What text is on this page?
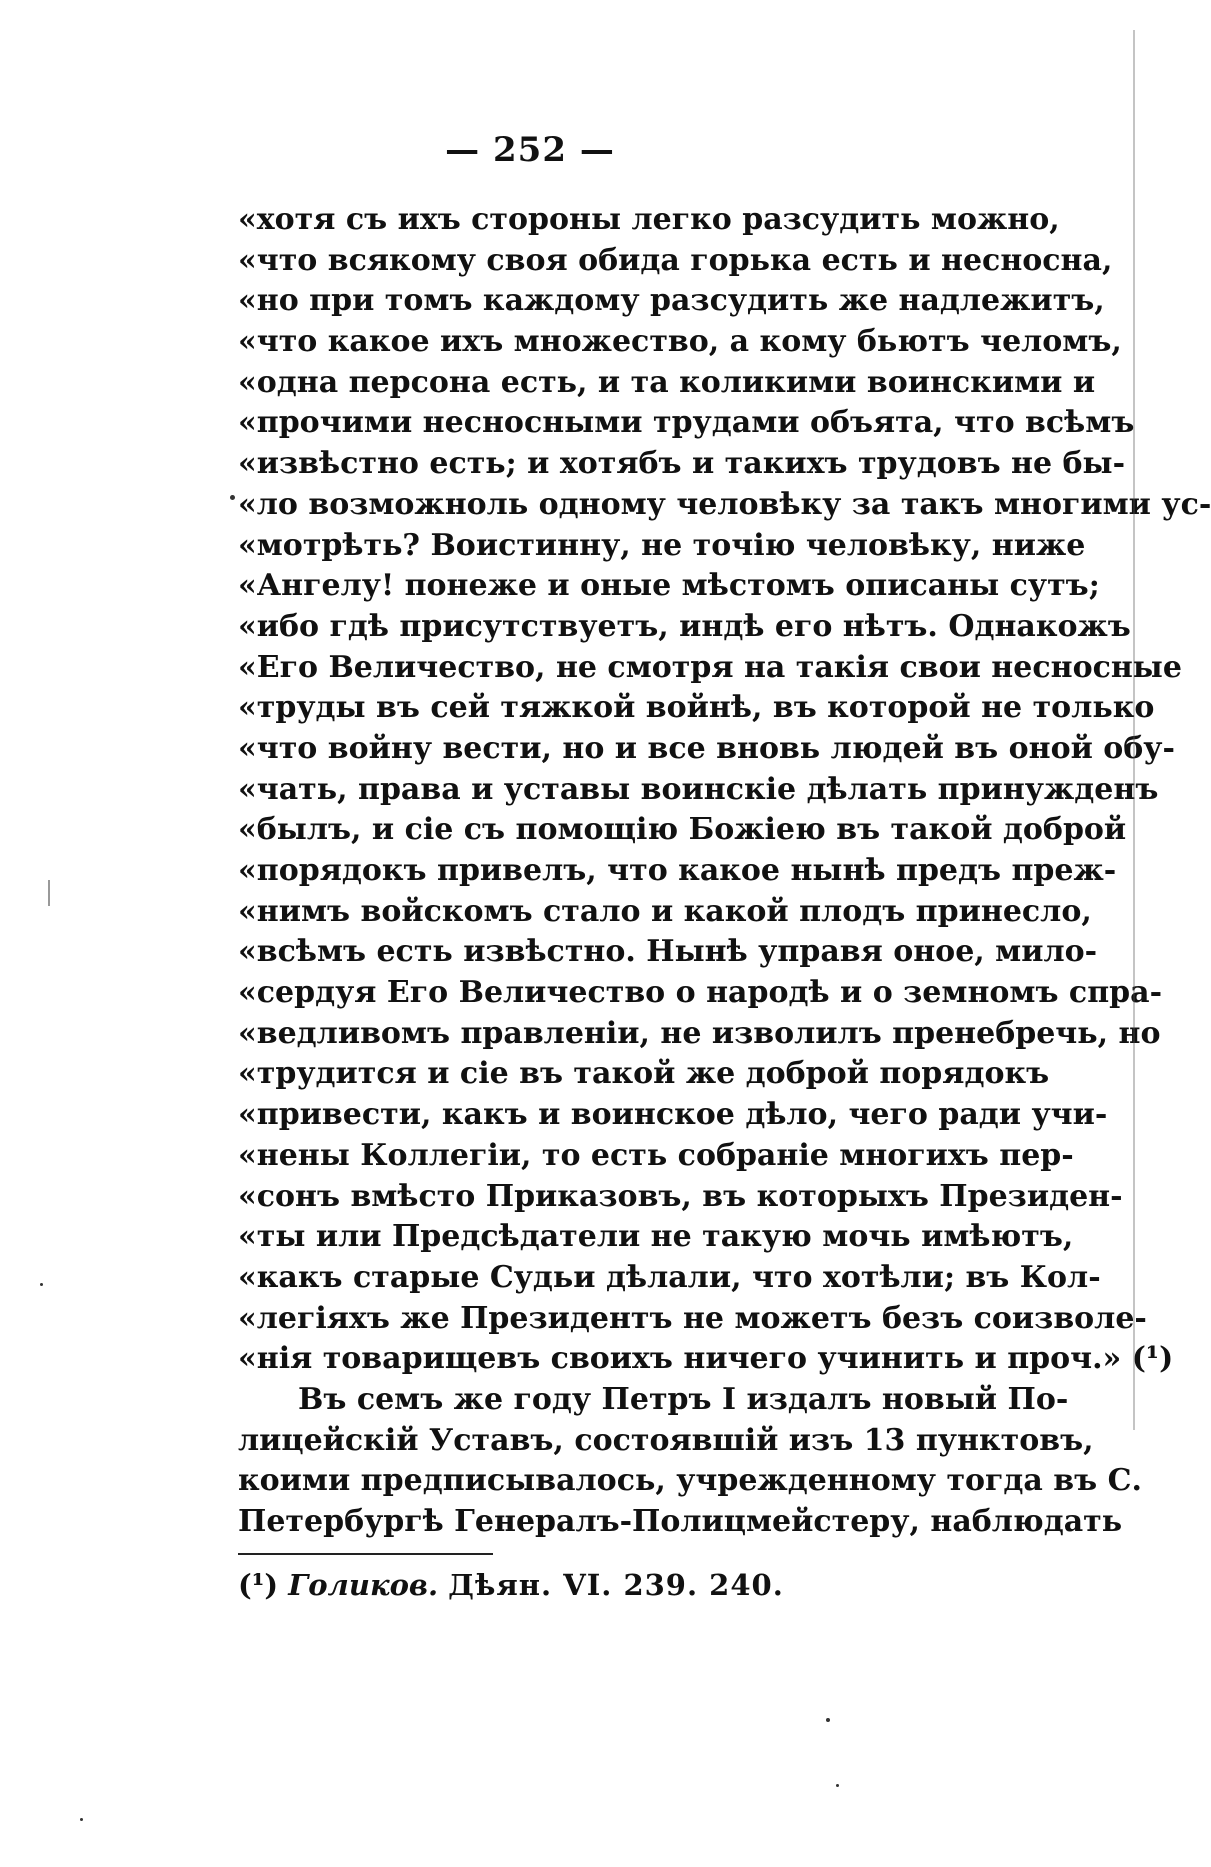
— 252 —
«хотя съ ихъ стороны легко разсудить можно,
«что всякому своя обида горька есть и несносна,
«но при томъ каждому разсудить же надлежитъ,
«что какое ихъ множество, а кому бьютъ челомъ,
«одна персона есть, и та коликими воинскими и
«прочими несносными трудами объята, что всѣмъ
«извѣстно есть; и хотябъ и такихъ трудовъ не бы-
«ло возможноль одному человѣку за такъ многими ус-
«мотрѣть? Воистинну, не точію человѣку, ниже
«Ангелу! понеже и оные мѣстомъ описаны сутъ;
«ибо гдѣ присутствуетъ, индѣ его нѣтъ. Однакожъ
«Его Величество, не смотря на такія свои несносные
«труды въ сей тяжкой войнѣ, въ которой не только
«что войну вести, но и все вновь людей въ оной обу-
«чать, права и уставы воинскіе дѣлать принужденъ
«былъ, и сіе съ помощію Божіею въ такой доброй
«порядокъ привелъ, что какое нынѣ предъ преж-
«нимъ войскомъ стало и какой плодъ принесло,
«всѣмъ есть извѣстно. Нынѣ управя оное, мило-
«сердуя Его Величество о народѣ и о земномъ спра-
«ведливомъ правленіи, не изволилъ пренебречь, но
«трудится и сіе въ такой же доброй порядокъ
«привести, какъ и воинское дѣло, чего ради учи-
«нены Коллегіи, то есть собраніе многихъ пер-
«сонъ вмѣсто Приказовъ, въ которыхъ Президен-
«ты или Предсѣдатели не такую мочь имѣютъ,
«какъ старые Судьи дѣлали, что хотѣли; въ Кол-
«легіяхъ же Президентъ не можетъ безъ соизволе-
«нія товарищевъ своихъ ничего учинить и проч.» (¹)
Въ семъ же году Петръ I издалъ новый По-
лицейскій Уставъ, состоявшій изъ 13 пунктовъ,
коими предписывалось, учрежденному тогда въ С.
Петербургѣ Генералъ-Полицмейстеру, наблюдать
(¹) Голиков. Дѣян. VI. 239. 240.
